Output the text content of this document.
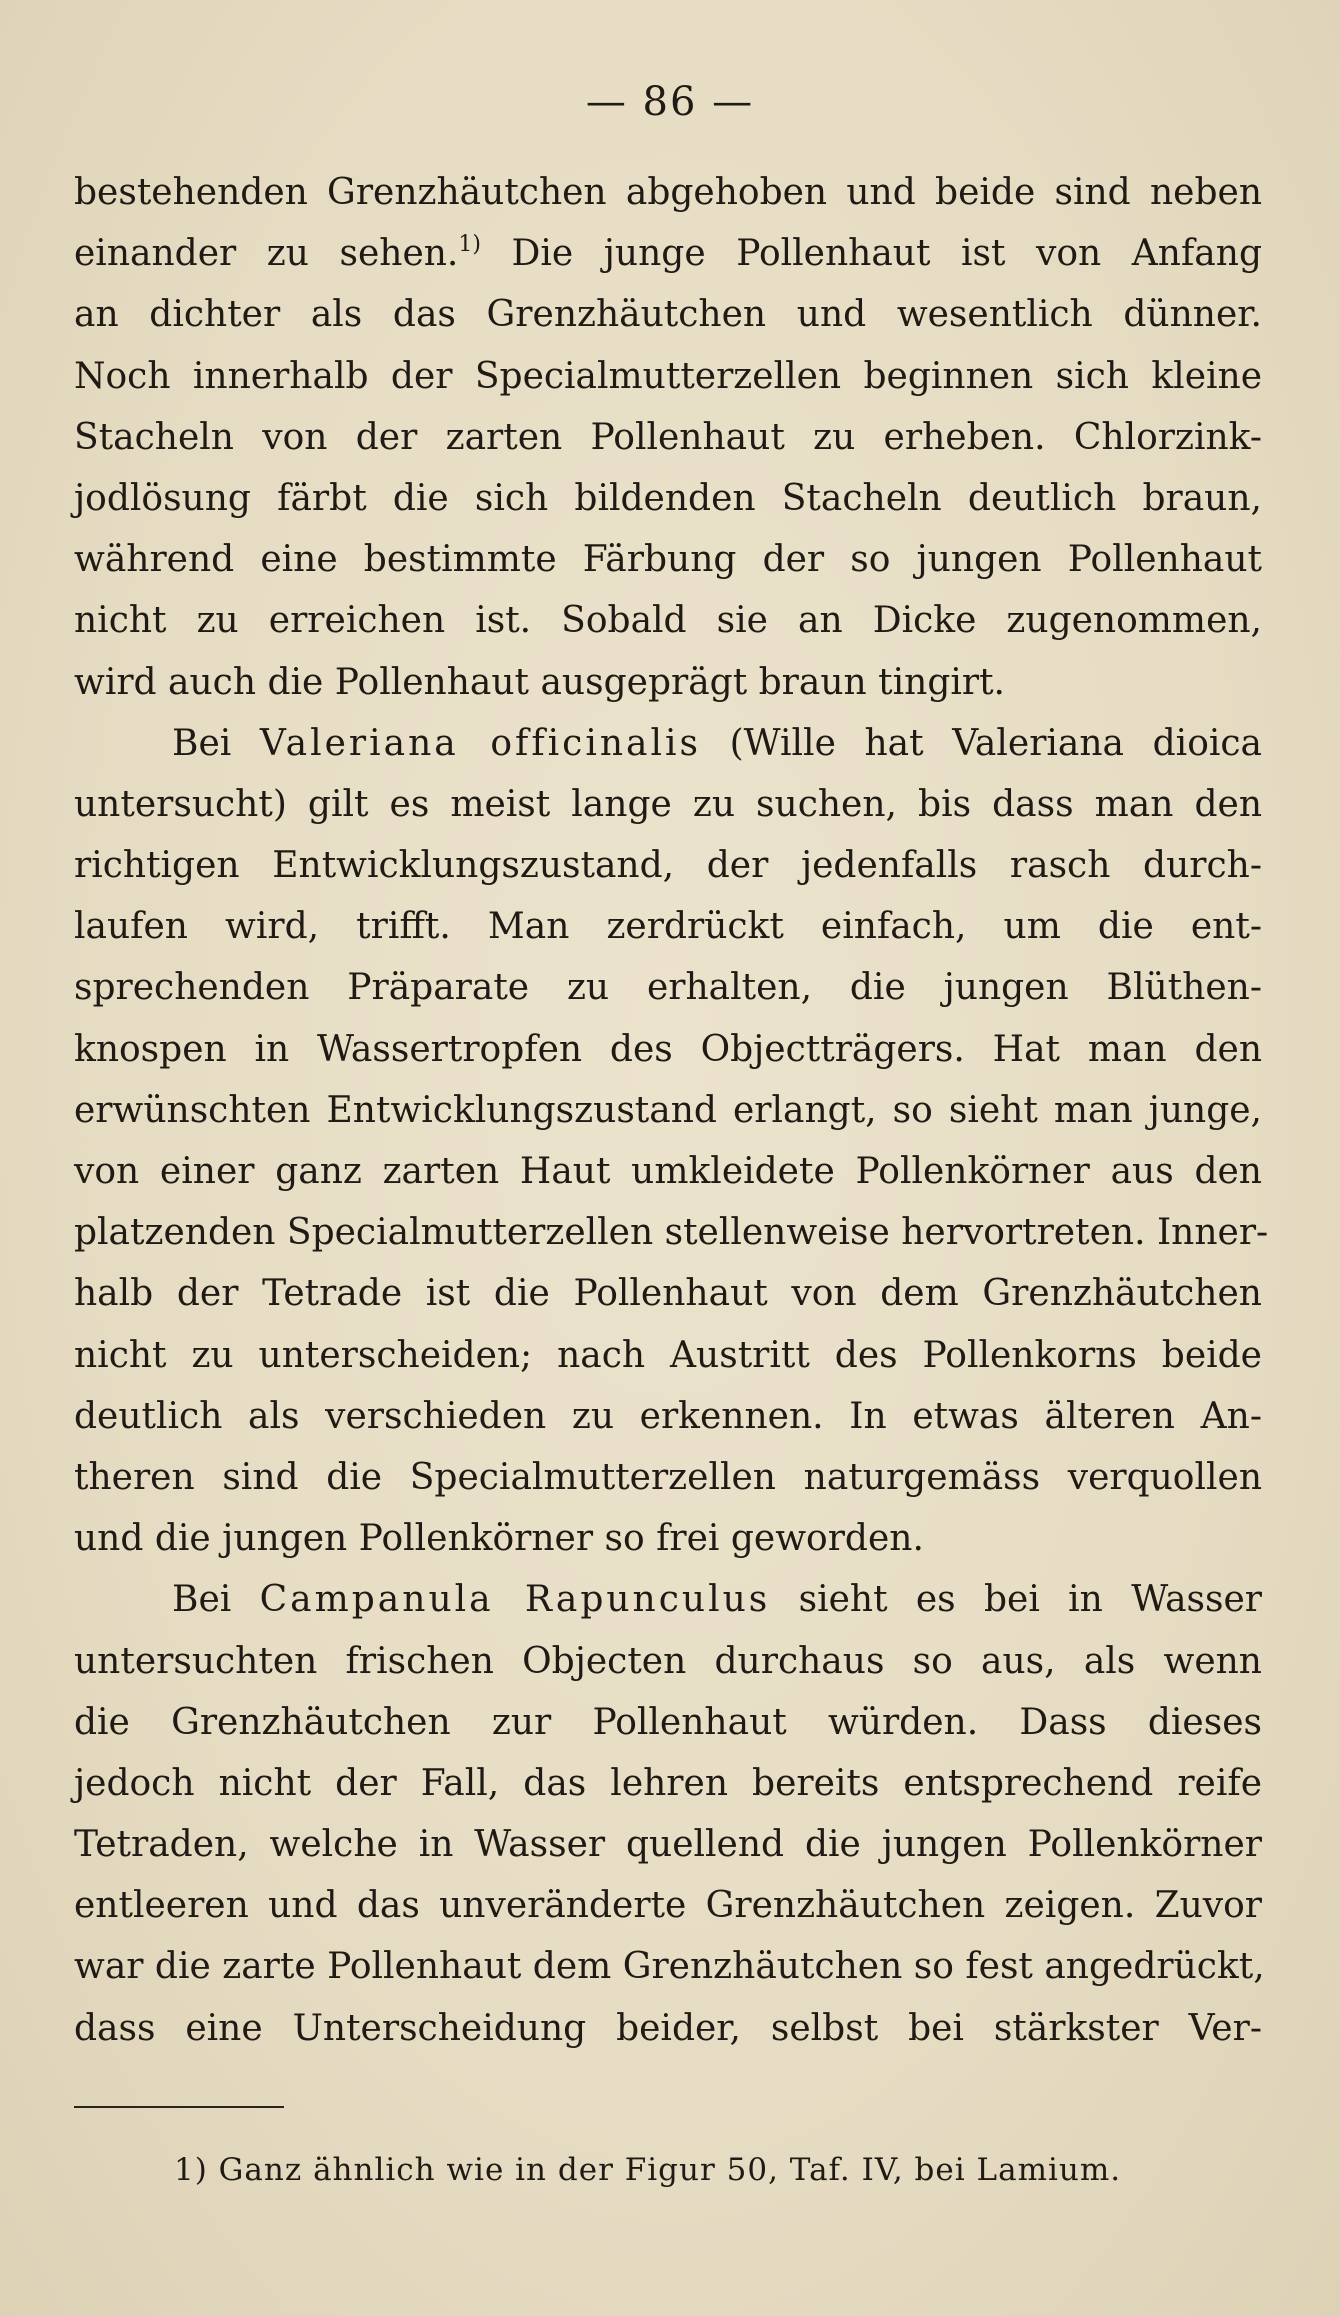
— 86 —
bestehenden Grenzhäutchen abgehoben und beide sind neben
einander zu sehen.$^{1)}$ Die junge Pollenhaut ist von Anfang
an dichter als das Grenzhäutchen und wesentlich dünner.
Noch innerhalb der Specialmutterzellen beginnen sich kleine
Stacheln von der zarten Pollenhaut zu erheben. Chlorzink-
jodlösung färbt die sich bildenden Stacheln deutlich braun,
während eine bestimmte Färbung der so jungen Pollenhaut
nicht zu erreichen ist. Sobald sie an Dicke zugenommen,
wird auch die Pollenhaut ausgeprägt braun tingirt.
Bei Valeriana officinalis (Wille hat Valeriana dioica
untersucht) gilt es meist lange zu suchen, bis dass man den
richtigen Entwicklungszustand, der jedenfalls rasch durch-
laufen wird, trifft. Man zerdrückt einfach, um die ent-
sprechenden Präparate zu erhalten, die jungen Blüthen-
knospen in Wassertropfen des Objectträgers. Hat man den
erwünschten Entwicklungszustand erlangt, so sieht man junge,
von einer ganz zarten Haut umkleidete Pollenkörner aus den
platzenden Specialmutterzellen stellenweise hervortreten. Inner-
halb der Tetrade ist die Pollenhaut von dem Grenzhäutchen
nicht zu unterscheiden; nach Austritt des Pollenkorns beide
deutlich als verschieden zu erkennen. In etwas älteren An-
theren sind die Specialmutterzellen naturgemäss verquollen
und die jungen Pollenkörner so frei geworden.
Bei Campanula Rapunculus sieht es bei in Wasser
untersuchten frischen Objecten durchaus so aus, als wenn
die Grenzhäutchen zur Pollenhaut würden. Dass dieses
jedoch nicht der Fall, das lehren bereits entsprechend reife
Tetraden, welche in Wasser quellend die jungen Pollenkörner
entleeren und das unveränderte Grenzhäutchen zeigen. Zuvor
war die zarte Pollenhaut dem Grenzhäutchen so fest angedrückt,
dass eine Unterscheidung beider, selbst bei stärkster Ver-
1) Ganz ähnlich wie in der Figur 50, Taf. IV, bei Lamium.
